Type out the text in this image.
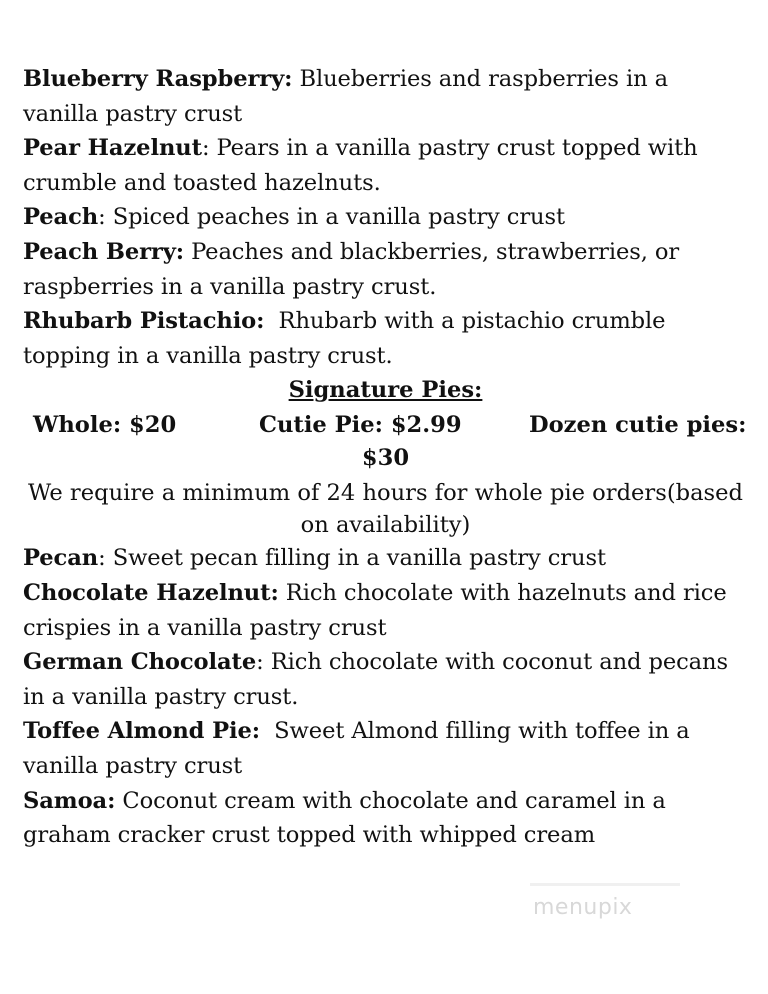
Blueberry Raspberry: Blueberries and raspberries in a vanilla pastry crust

Pear Hazelnut: Pears in a vanilla pastry crust topped with crumble and toasted hazelnuts.

Peach: Spiced peaches in a vanilla pastry crust

Peach Berry: Peaches and blackberries, strawberries, or raspberries in a vanilla pastry crust.

Rhubarb Pistachio:  Rhubarb with a pistachio crumble topping in a vanilla pastry crust.

Signature Pies:

Whole: $20	Cutie Pie: $2.99	Dozen cutie pies:

$30

We require a minimum of 24 hours for whole pie orders(based on availability)

Pecan: Sweet pecan filling in a vanilla pastry crust

Chocolate Hazelnut: Rich chocolate with hazelnuts and rice crispies in a vanilla pastry crust

German Chocolate: Rich chocolate with coconut and pecans in a vanilla pastry crust.

Toffee Almond Pie:  Sweet Almond filling with toffee in a vanilla pastry crust

Samoa: Coconut cream with chocolate and caramel in a graham cracker crust topped with whipped cream

menupix
